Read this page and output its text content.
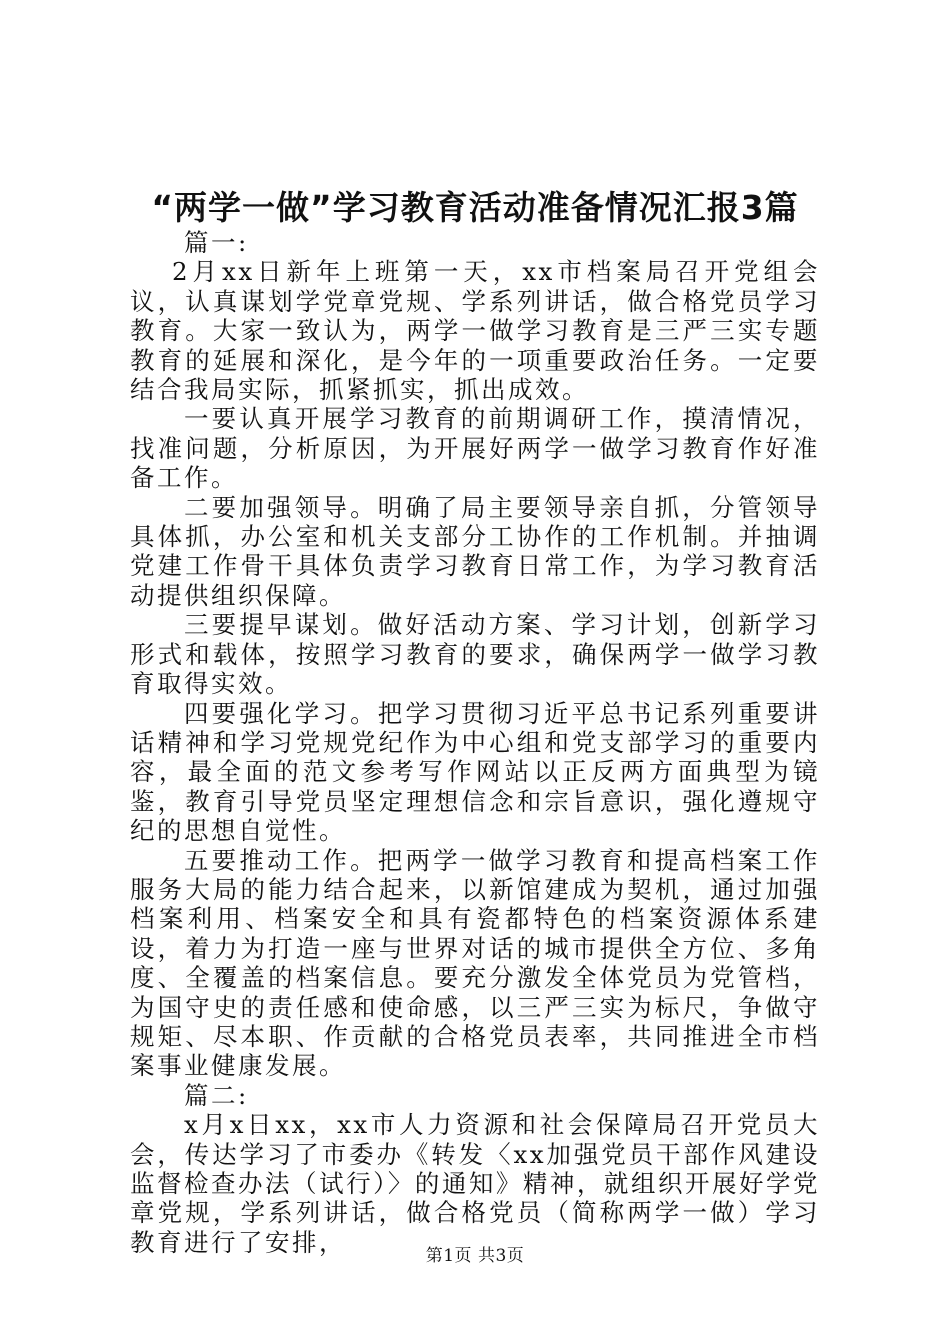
“两学一做”学习教育活动准备情况汇报3篇

篇一:

2月xx日新年上班第一天，xx市档案局召开党组会议，认真谋划学党章党规、学系列讲话，做合格党员学习教育。大家一致认为，两学一做学习教育是三严三实专题教育的延展和深化，是今年的一项重要政治任务。一定要结合我局实际，抓紧抓实，抓出成效。

一要认真开展学习教育的前期调研工作，摸清情况，找准问题，分析原因，为开展好两学一做学习教育作好准备工作。

二要加强领导。明确了局主要领导亲自抓，分管领导具体抓，办公室和机关支部分工协作的工作机制。并抽调党建工作骨干具体负责学习教育日常工作，为学习教育活动提供组织保障。

三要提早谋划。做好活动方案、学习计划，创新学习形式和载体，按照学习教育的要求，确保两学一做学习教育取得实效。

四要强化学习。把学习贯彻习近平总书记系列重要讲话精神和学习党规党纪作为中心组和党支部学习的重要内容，最全面的范文参考写作网站以正反两方面典型为镜鉴，教育引导党员坚定理想信念和宗旨意识，强化遵规守纪的思想自觉性。

五要推动工作。把两学一做学习教育和提高档案工作服务大局的能力结合起来，以新馆建成为契机，通过加强档案利用、档案安全和具有瓷都特色的档案资源体系建设，着力为打造一座与世界对话的城市提供全方位、多角度、全覆盖的档案信息。要充分激发全体党员为党管档，为国守史的责任感和使命感，以三严三实为标尺，争做守规矩、尽本职、作贡献的合格党员表率，共同推进全市档案事业健康发展。

篇二:

x月x日xx，xx市人力资源和社会保障局召开党员大会，传达学习了市委办《转发〈xx加强党员干部作风建设监督检查办法（试行）〉的通知》精神，就组织开展好学党章党规，学系列讲话，做合格党员（简称两学一做）学习教育进行了安排，	第1页 共3页
